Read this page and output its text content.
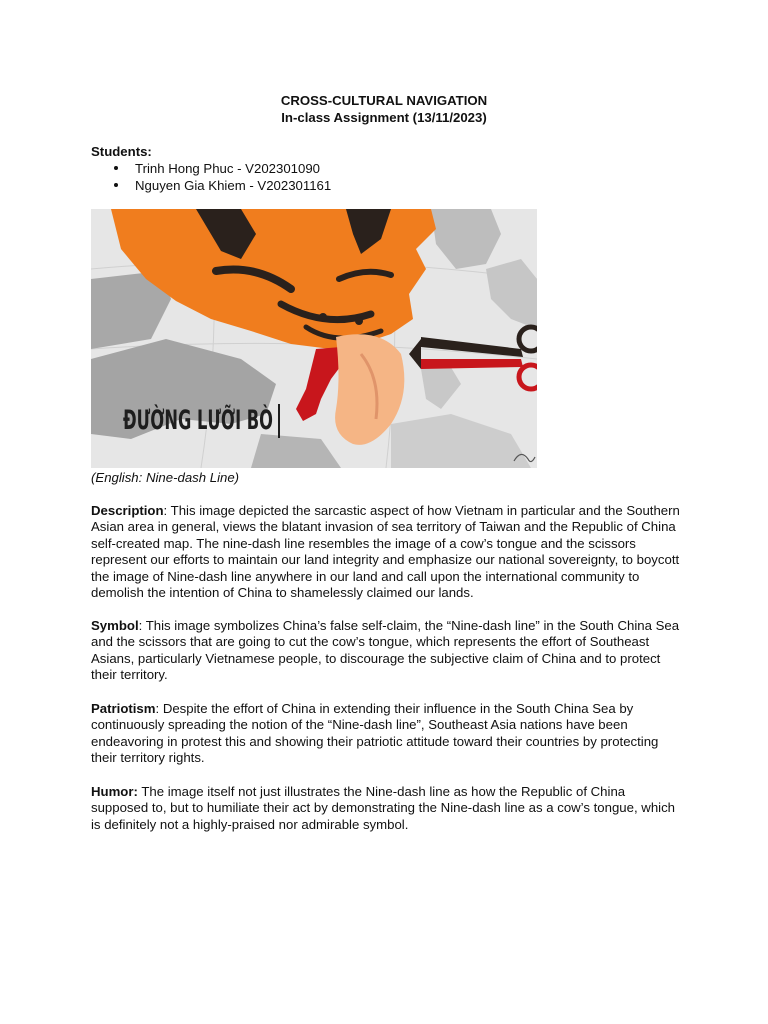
CROSS-CULTURAL NAVIGATION
In-class Assignment (13/11/2023)
Students:
Trinh Hong Phuc - V202301090
Nguyen Gia Khiem - V202301161
ĐƯỜNG LƯỠI BÒ
(English: Nine-dash Line)

Description: This image depicted the sarcastic aspect of how Vietnam in particular and the Southern Asian area in general, views the blatant invasion of sea territory of Taiwan and the Republic of China self-created map. The nine-dash line resembles the image of a cow’s tongue and the scissors represent our efforts to maintain our land integrity and emphasize our national sovereignty, to boycott the image of Nine-dash line anywhere in our land and call upon the international community to demolish the intention of China to shamelessly claimed our lands.

Symbol: This image symbolizes China’s false self-claim, the “Nine-dash line” in the South China Sea and the scissors that are going to cut the cow’s tongue, which represents the effort of Southeast Asians, particularly Vietnamese people, to discourage the subjective claim of China and to protect their territory.

Patriotism: Despite the effort of China in extending their influence in the South China Sea by continuously spreading the notion of the “Nine-dash line”, Southeast Asia nations have been endeavoring in protest this and showing their patriotic attitude toward their countries by protecting their territory rights.

Humor: The image itself not just illustrates the Nine-dash line as how the Republic of China supposed to, but to humiliate their act by demonstrating the Nine-dash line as a cow’s tongue, which is definitely not a highly-praised nor admirable symbol.
